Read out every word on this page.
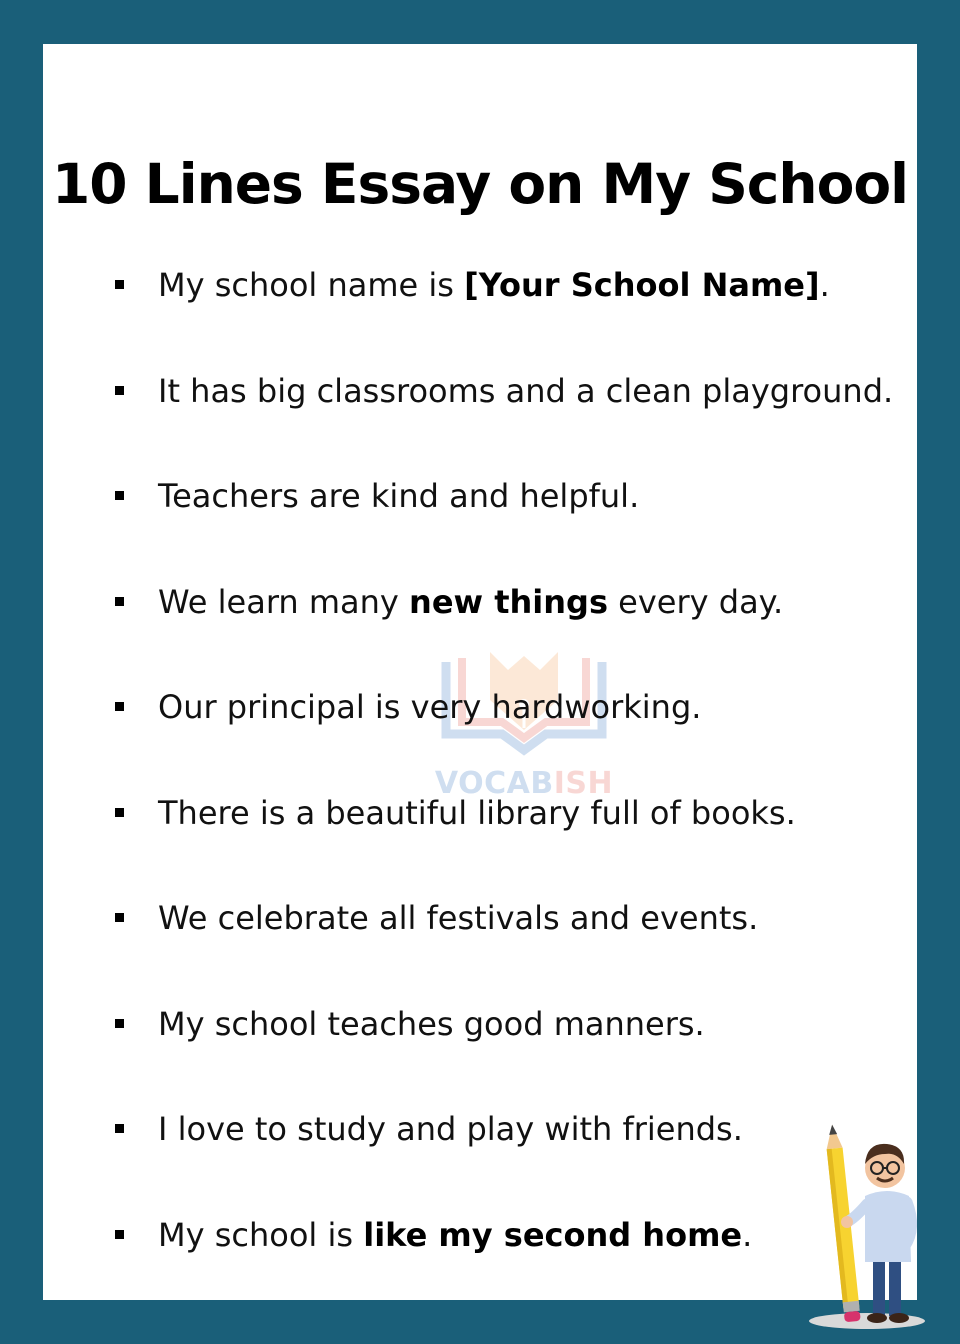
10 Lines Essay on My School
VOCABISH
My school name is [Your School Name].
It has big classrooms and a clean playground.
Teachers are kind and helpful.
We learn many new things every day.
Our principal is very hardworking.
There is a beautiful library full of books.
We celebrate all festivals and events.
My school teaches good manners.
I love to study and play with friends.
My school is like my second home.
